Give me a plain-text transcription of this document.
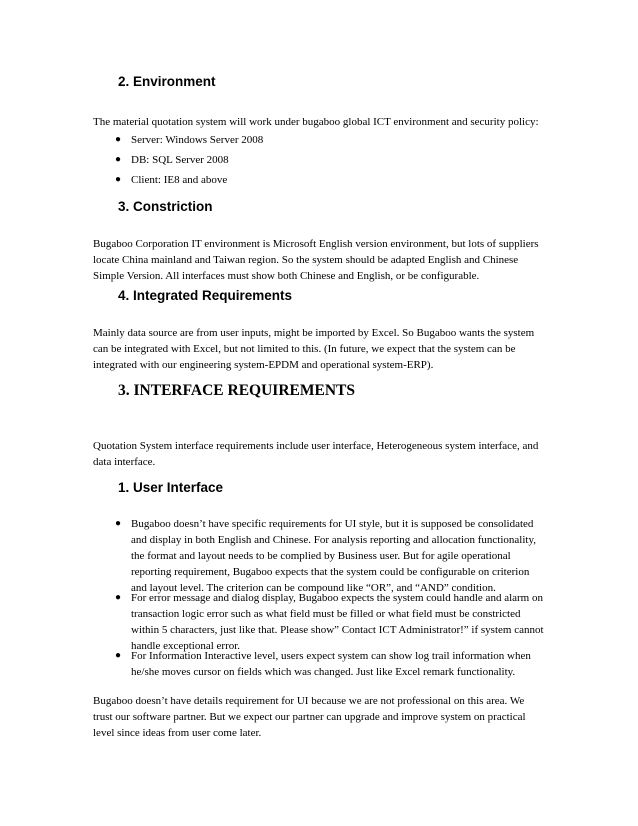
2. Environment
The material quotation system will work under bugaboo global ICT environment and security policy:
● Server: Windows Server 2008
● DB: SQL Server 2008
● Client: IE8 and above
3. Constriction
Bugaboo Corporation IT environment is Microsoft English version environment, but lots of suppliers
locate China mainland and Taiwan region. So the system should be adapted English and Chinese
Simple Version. All interfaces must show both Chinese and English, or be configurable.
4. Integrated Requirements
Mainly data source are from user inputs, might be imported by Excel. So Bugaboo wants the system
can be integrated with Excel, but not limited to this. (In future, we expect that the system can be
integrated with our engineering system-EPDM and operational system-ERP).
3. INTERFACE REQUIREMENTS
Quotation System interface requirements include user interface, Heterogeneous system interface, and
data interface.
1. User Interface
● Bugaboo doesn’t have specific requirements for UI style, but it is supposed be consolidated
and display in both English and Chinese. For analysis reporting and allocation functionality,
the format and layout needs to be complied by Business user. But for agile operational
reporting requirement, Bugaboo expects that the system could be configurable on criterion
and layout level. The criterion can be compound like “OR”, and “AND” condition.
● For error message and dialog display, Bugaboo expects the system could handle and alarm on
transaction logic error such as what field must be filled or what field must be constricted
within 5 characters, just like that. Please show” Contact ICT Administrator!” if system cannot
handle exceptional error.
● For Information Interactive level, users expect system can show log trail information when
he/she moves cursor on fields which was changed. Just like Excel remark functionality.
Bugaboo doesn’t have details requirement for UI because we are not professional on this area. We
trust our software partner. But we expect our partner can upgrade and improve system on practical
level since ideas from user come later.
